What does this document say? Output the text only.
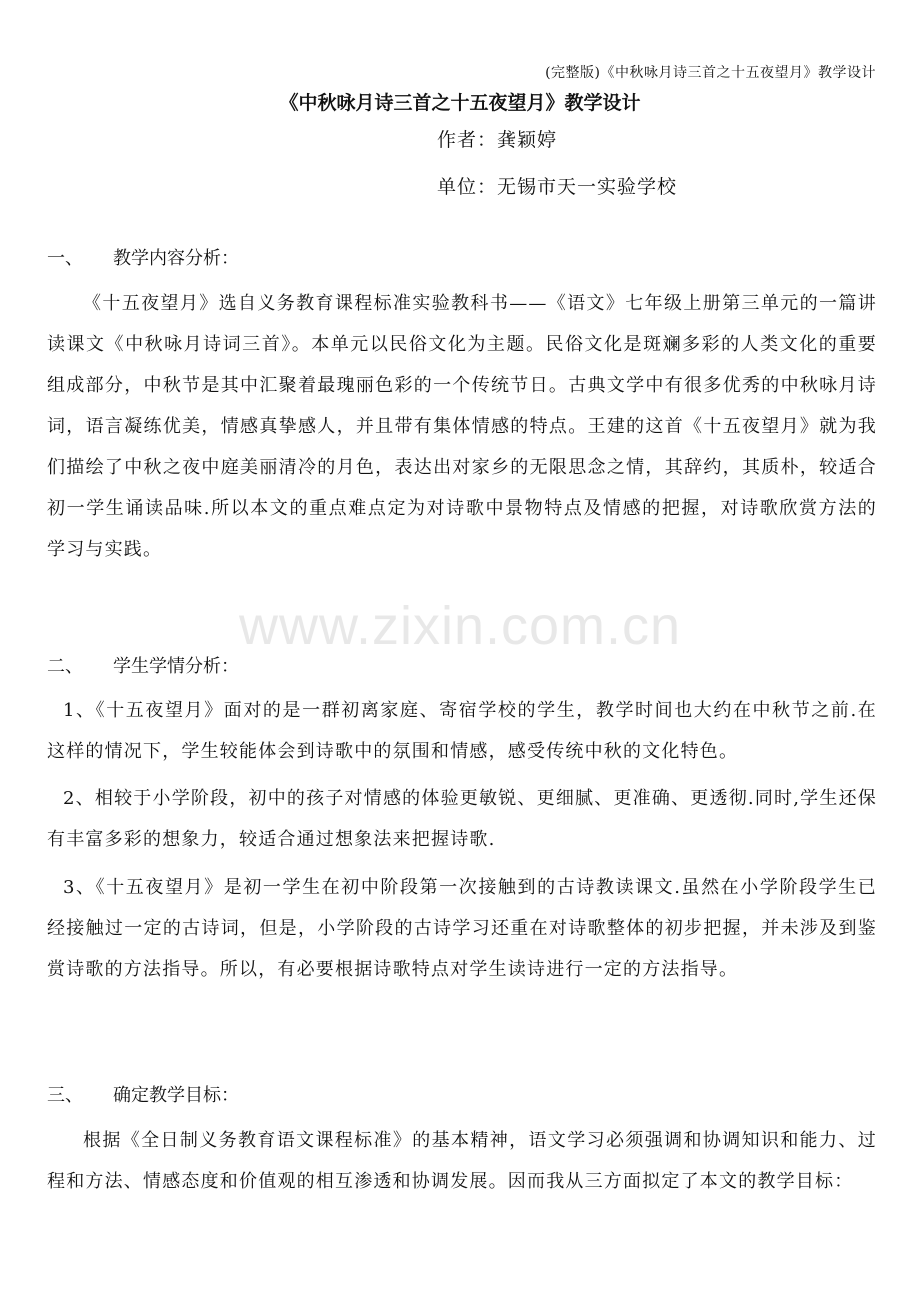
(完整版)《中秋咏月诗三首之十五夜望月》教学设计
《中秋咏月诗三首之十五夜望月》教学设计
作者：龚颖婷
单位：无锡市天一实验学校
一、 教学内容分析：

《十五夜望月》选自义务教育课程标准实验教科书——《语文》七年级上册第三单元的一篇讲读课文《中秋咏月诗词三首》。本单元以民俗文化为主题。民俗文化是斑斓多彩的人类文化的重要组成部分，中秋节是其中汇聚着最瑰丽色彩的一个传统节日。古典文学中有很多优秀的中秋咏月诗词，语言凝练优美，情感真挚感人，并且带有集体情感的特点。王建的这首《十五夜望月》就为我们描绘了中秋之夜中庭美丽清冷的月色，表达出对家乡的无限思念之情，其辞约，其质朴，较适合初一学生诵读品味.所以本文的重点难点定为对诗歌中景物特点及情感的把握，对诗歌欣赏方法的学习与实践。

二、 学生学情分析：

1、《十五夜望月》面对的是一群初离家庭、寄宿学校的学生，教学时间也大约在中秋节之前.在这样的情况下，学生较能体会到诗歌中的氛围和情感，感受传统中秋的文化特色。

2、相较于小学阶段，初中的孩子对情感的体验更敏锐、更细腻、更准确、更透彻.同时,学生还保有丰富多彩的想象力，较适合通过想象法来把握诗歌.

3、《十五夜望月》是初一学生在初中阶段第一次接触到的古诗教读课文.虽然在小学阶段学生已经接触过一定的古诗词，但是，小学阶段的古诗学习还重在对诗歌整体的初步把握，并未涉及到鉴赏诗歌的方法指导。所以，有必要根据诗歌特点对学生读诗进行一定的方法指导。

三、 确定教学目标：

根据《全日制义务教育语文课程标准》的基本精神，语文学习必须强调和协调知识和能力、过程和方法、情感态度和价值观的相互渗透和协调发展。因而我从三方面拟定了本文的教学目标：

www.zixin.com.cn
